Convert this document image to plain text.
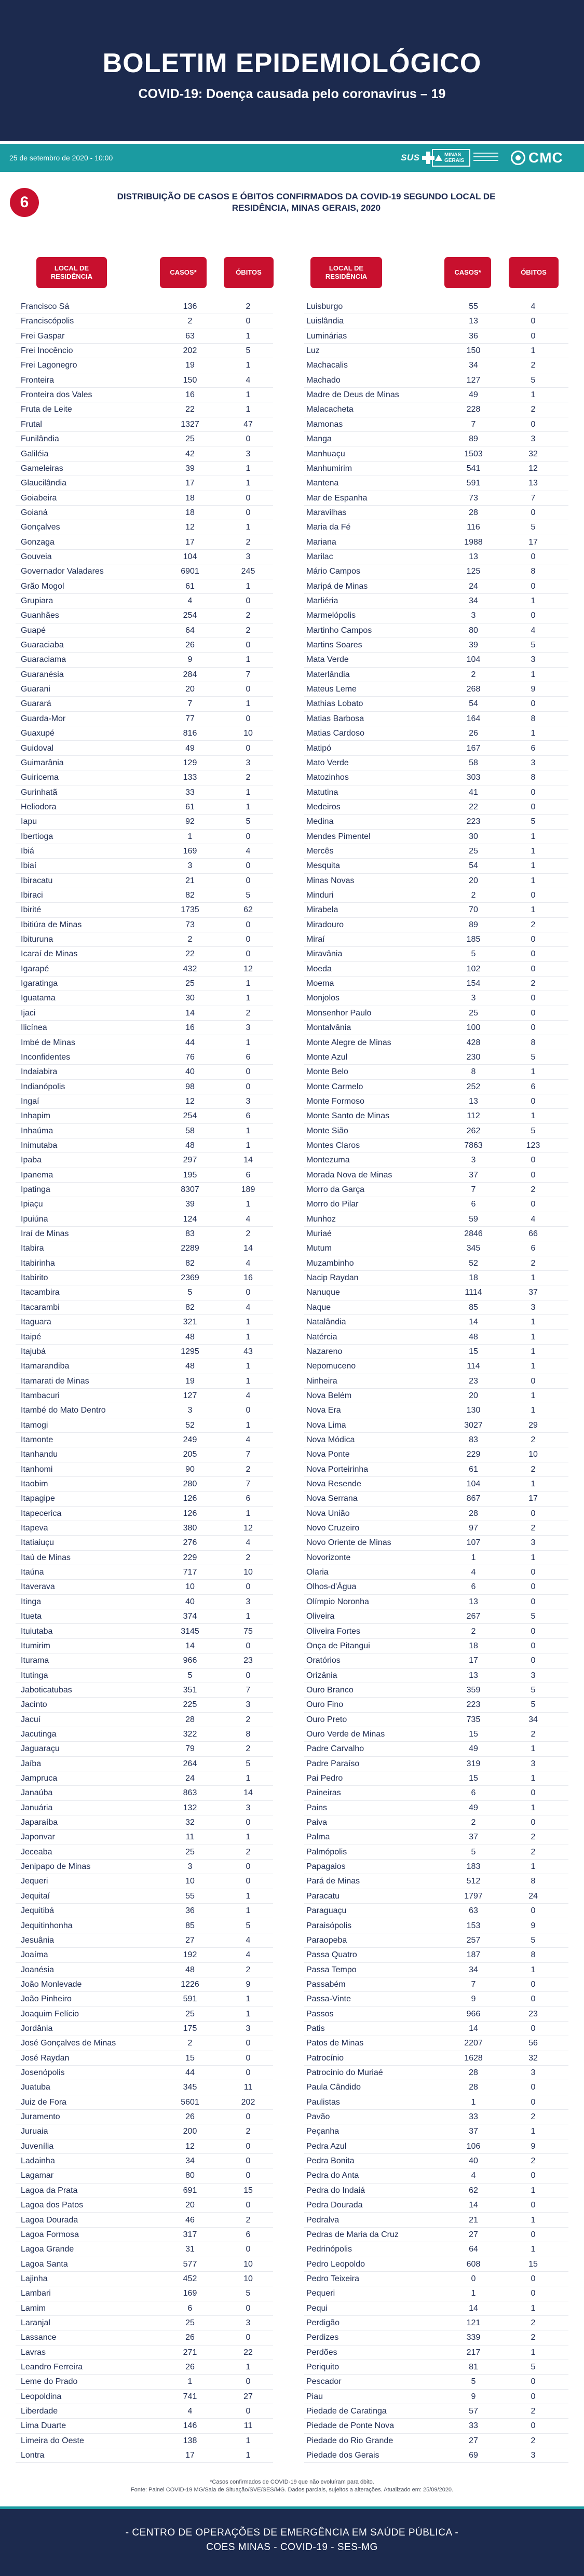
BOLETIM EPIDEMIOLÓGICO
COVID-19: Doença causada pelo coronavírus – 19
25 de setembro de 2020 - 10:00	SUS	MINAS
GERAIS	CMC
6	DISTRIBUIÇÃO DE CASOS E ÓBITOS CONFIRMADOS DA COVID-19 SEGUNDO LOCAL DE
RESIDÊNCIA, MINAS GERAIS, 2020
LOCAL DE RESIDÊNCIA
CASOS*	ÓBITOS
LOCAL DE RESIDÊNCIA
CASOS*	ÓBITOS
Francisco Sá	136	2
Franciscópolis	2	0
Frei Gaspar	63	1
Frei Inocêncio	202	5
Frei Lagonegro	19	1
Fronteira	150	4
Fronteira dos Vales	16	1
Fruta de Leite	22	1
Frutal	1327	47
Funilândia	25	0
Galiléia	42	3
Gameleiras	39	1
Glaucilândia	17	1
Goiabeira	18	0
Goianá	18	0
Gonçalves	12	1
Gonzaga	17	2
Gouveia	104	3
Governador Valadares	6901	245
Grão Mogol	61	1
Grupiara	4	0
Guanhães	254	2
Guapé	64	2
Guaraciaba	26	0
Guaraciama	9	1
Guaranésia	284	7
Guarani	20	0
Guarará	7	1
Guarda-Mor	77	0
Guaxupé	816	10
Guidoval	49	0
Guimarânia	129	3
Guiricema	133	2
Gurinhatã	33	1
Heliodora	61	1
Iapu	92	5
Ibertioga	1	0
Ibiá	169	4
Ibiaí	3	0
Ibiracatu	21	0
Ibiraci	82	5
Ibirité	1735	62
Ibitiúra de Minas	73	0
Ibituruna	2	0
Icaraí de Minas	22	0
Igarapé	432	12
Igaratinga	25	1
Iguatama	30	1
Ijaci	14	2
Ilicínea	16	3
Imbé de Minas	44	1
Inconfidentes	76	6
Indaiabira	40	0
Indianópolis	98	0
Ingaí	12	3
Inhapim	254	6
Inhaúma	58	1
Inimutaba	48	1
Ipaba	297	14
Ipanema	195	6
Ipatinga	8307	189
Ipiaçu	39	1
Ipuiúna	124	4
Iraí de Minas	83	2
Itabira	2289	14
Itabirinha	82	4
Itabirito	2369	16
Itacambira	5	0
Itacarambi	82	4
Itaguara	321	1
Itaipé	48	1
Itajubá	1295	43
Itamarandiba	48	1
Itamarati de Minas	19	1
Itambacuri	127	4
Itambé do Mato Dentro	3	0
Itamogi	52	1
Itamonte	249	4
Itanhandu	205	7
Itanhomi	90	2
Itaobim	280	7
Itapagipe	126	6
Itapecerica	126	1
Itapeva	380	12
Itatiaiuçu	276	4
Itaú de Minas	229	2
Itaúna	717	10
Itaverava	10	0
Itinga	40	3
Itueta	374	1
Ituiutaba	3145	75
Itumirim	14	0
Iturama	966	23
Itutinga	5	0
Jaboticatubas	351	7
Jacinto	225	3
Jacuí	28	2
Jacutinga	322	8
Jaguaraçu	79	2
Jaíba	264	5
Jampruca	24	1
Janaúba	863	14
Januária	132	3
Japaraíba	32	0
Japonvar	11	1
Jeceaba	25	2
Jenipapo de Minas	3	0
Jequeri	10	0
Jequitaí	55	1
Jequitibá	36	1
Jequitinhonha	85	5
Jesuânia	27	4
Joaíma	192	4
Joanésia	48	2
João Monlevade	1226	9
João Pinheiro	591	1
Joaquim Felício	25	1
Jordânia	175	3
José Gonçalves de Minas	2	0
José Raydan	15	0
Josenópolis	44	0
Juatuba	345	11
Juiz de Fora	5601	202
Juramento	26	0
Juruaia	200	2
Juvenília	12	0
Ladainha	34	0
Lagamar	80	0
Lagoa da Prata	691	15
Lagoa dos Patos	20	0
Lagoa Dourada	46	2
Lagoa Formosa	317	6
Lagoa Grande	31	0
Lagoa Santa	577	10
Lajinha	452	10
Lambari	169	5
Lamim	6	0
Laranjal	25	3
Lassance	26	0
Lavras	271	22
Leandro Ferreira	26	1
Leme do Prado	1	0
Leopoldina	741	27
Liberdade	4	0
Lima Duarte	146	11
Limeira do Oeste	138	1
Lontra	17	1
Luisburgo	55	4
Luislândia	13	0
Luminárias	36	0
Luz	150	1
Machacalis	34	2
Machado	127	5
Madre de Deus de Minas	49	1
Malacacheta	228	2
Mamonas	7	0
Manga	89	3
Manhuaçu	1503	32
Manhumirim	541	12
Mantena	591	13
Mar de Espanha	73	7
Maravilhas	28	0
Maria da Fé	116	5
Mariana	1988	17
Marilac	13	0
Mário Campos	125	8
Maripá de Minas	24	0
Marliéria	34	1
Marmelópolis	3	0
Martinho Campos	80	4
Martins Soares	39	5
Mata Verde	104	3
Materlândia	2	1
Mateus Leme	268	9
Mathias Lobato	54	0
Matias Barbosa	164	8
Matias Cardoso	26	1
Matipó	167	6
Mato Verde	58	3
Matozinhos	303	8
Matutina	41	0
Medeiros	22	0
Medina	223	5
Mendes Pimentel	30	1
Mercês	25	1
Mesquita	54	1
Minas Novas	20	1
Minduri	2	0
Mirabela	70	1
Miradouro	89	2
Miraí	185	0
Miravânia	5	0
Moeda	102	0
Moema	154	2
Monjolos	3	0
Monsenhor Paulo	25	0
Montalvânia	100	0
Monte Alegre de Minas	428	8
Monte Azul	230	5
Monte Belo	8	1
Monte Carmelo	252	6
Monte Formoso	13	0
Monte Santo de Minas	112	1
Monte Sião	262	5
Montes Claros	7863	123
Montezuma	3	0
Morada Nova de Minas	37	0
Morro da Garça	7	2
Morro do Pilar	6	0
Munhoz	59	4
Muriaé	2846	66
Mutum	345	6
Muzambinho	52	2
Nacip Raydan	18	1
Nanuque	1114	37
Naque	85	3
Natalândia	14	1
Natércia	48	1
Nazareno	15	1
Nepomuceno	114	1
Ninheira	23	0
Nova Belém	20	1
Nova Era	130	1
Nova Lima	3027	29
Nova Módica	83	2
Nova Ponte	229	10
Nova Porteirinha	61	2
Nova Resende	104	1
Nova Serrana	867	17
Nova União	28	0
Novo Cruzeiro	97	2
Novo Oriente de Minas	107	3
Novorizonte	1	1
Olaria	4	0
Olhos-d'Água	6	0
Olímpio Noronha	13	0
Oliveira	267	5
Oliveira Fortes	2	0
Onça de Pitangui	18	0
Oratórios	17	0
Orizânia	13	3
Ouro Branco	359	5
Ouro Fino	223	5
Ouro Preto	735	34
Ouro Verde de Minas	15	2
Padre Carvalho	49	1
Padre Paraíso	319	3
Pai Pedro	15	1
Paineiras	6	0
Pains	49	1
Paiva	2	0
Palma	37	2
Palmópolis	5	2
Papagaios	183	1
Pará de Minas	512	8
Paracatu	1797	24
Paraguaçu	63	0
Paraisópolis	153	9
Paraopeba	257	5
Passa Quatro	187	8
Passa Tempo	34	1
Passabém	7	0
Passa-Vinte	9	0
Passos	966	23
Patis	14	0
Patos de Minas	2207	56
Patrocínio	1628	32
Patrocínio do Muriaé	28	3
Paula Cândido	28	0
Paulistas	1	0
Pavão	33	2
Peçanha	37	1
Pedra Azul	106	9
Pedra Bonita	40	2
Pedra do Anta	4	0
Pedra do Indaiá	62	1
Pedra Dourada	14	0
Pedralva	21	1
Pedras de Maria da Cruz	27	0
Pedrinópolis	64	1
Pedro Leopoldo	608	15
Pedro Teixeira	0	0
Pequeri	1	0
Pequi	14	1
Perdigão	121	2
Perdizes	339	2
Perdões	217	1
Periquito	81	5
Pescador	5	0
Piau	9	0
Piedade de Caratinga	57	2
Piedade de Ponte Nova	33	0
Piedade do Rio Grande	27	2
Piedade dos Gerais	69	3
*Casos confirmados de COVID-19 que não evoluíram para óbito.
Fonte: Painel COVID-19 MG/Sala de Situação/SVE/SES/MG. Dados parciais, sujeitos a alterações. Atualizado em: 25/09/2020.
- CENTRO DE OPERAÇÕES DE EMERGÊNCIA EM SAÚDE PÚBLICA -
COES MINAS - COVID-19 - SES-MG
